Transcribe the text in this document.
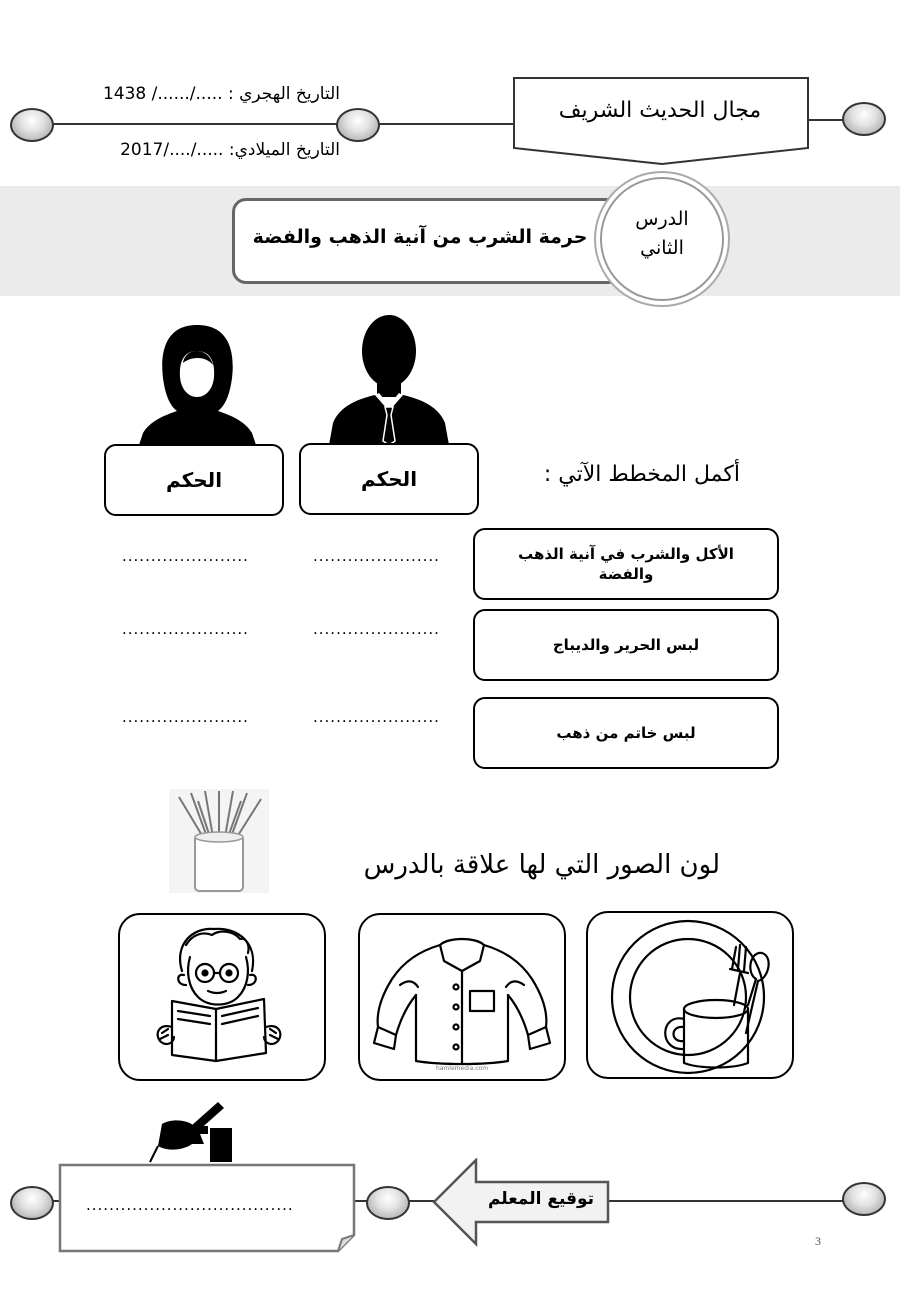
التاريخ الهجري : ...../....../ 1438
التاريخ الميلادي: ...../..../2017
مجال الحديث الشريف
حرمة الشرب من آنية الذهب والفضة
الدرس
الثاني
أكمل المخطط الآتي :
الحكم	الحكم
الأكل والشرب في آنية الذهب والفضة
لبس الحرير والديباج
لبس خاتم من ذهب
......................
......................
......................
......................
......................
......................
لون الصور التي لها علاقة بالدرس
hamlemedia.com
....................................	توقيع المعلم
3
